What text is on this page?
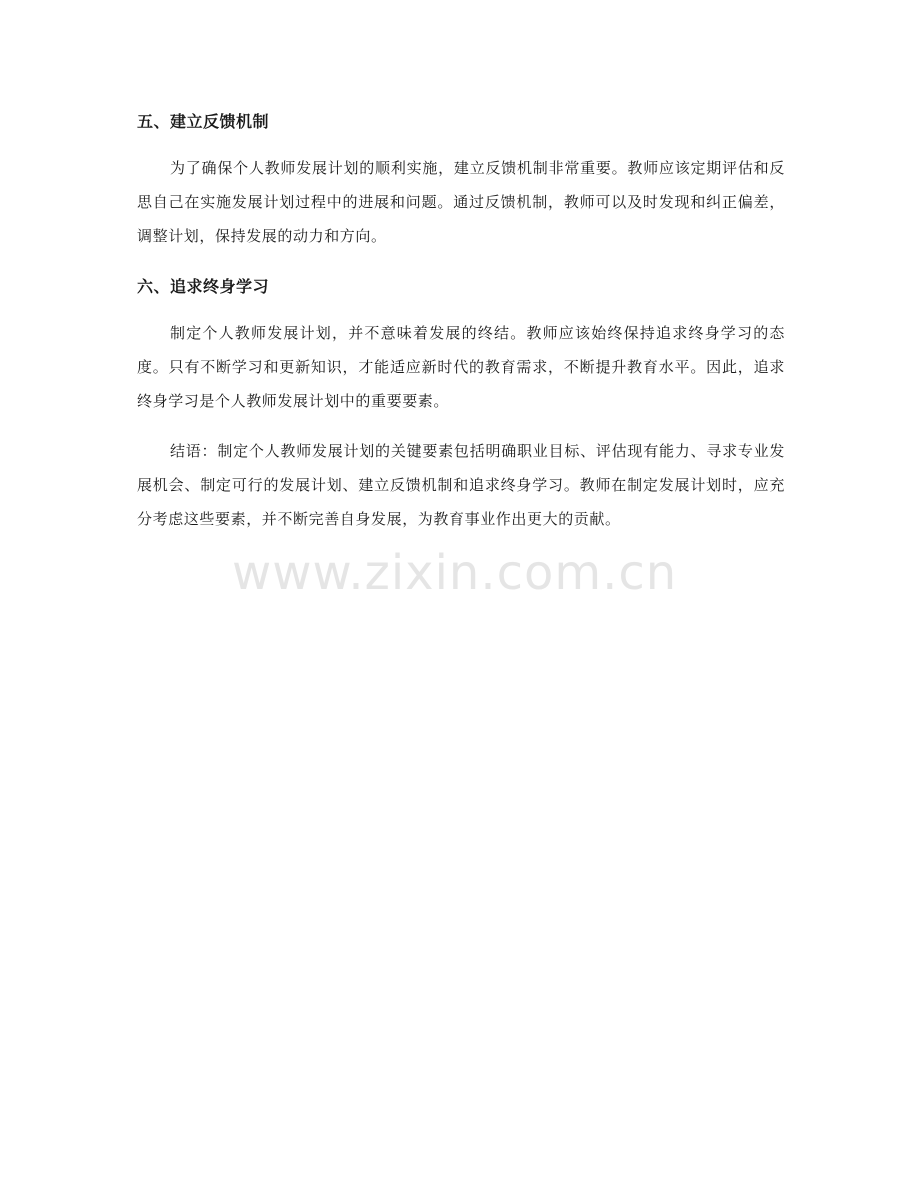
五、建立反馈机制

为了确保个人教师发展计划的顺利实施，建立反馈机制非常重要。教师应该定期评估和反思自己在实施发展计划过程中的进展和问题。通过反馈机制，教师可以及时发现和纠正偏差，调整计划，保持发展的动力和方向。

六、追求终身学习

制定个人教师发展计划，并不意味着发展的终结。教师应该始终保持追求终身学习的态度。只有不断学习和更新知识，才能适应新时代的教育需求，不断提升教育水平。因此，追求终身学习是个人教师发展计划中的重要要素。

结语：制定个人教师发展计划的关键要素包括明确职业目标、评估现有能力、寻求专业发展机会、制定可行的发展计划、建立反馈机制和追求终身学习。教师在制定发展计划时，应充分考虑这些要素，并不断完善自身发展，为教育事业作出更大的贡献。

www.zixin.com.cn
